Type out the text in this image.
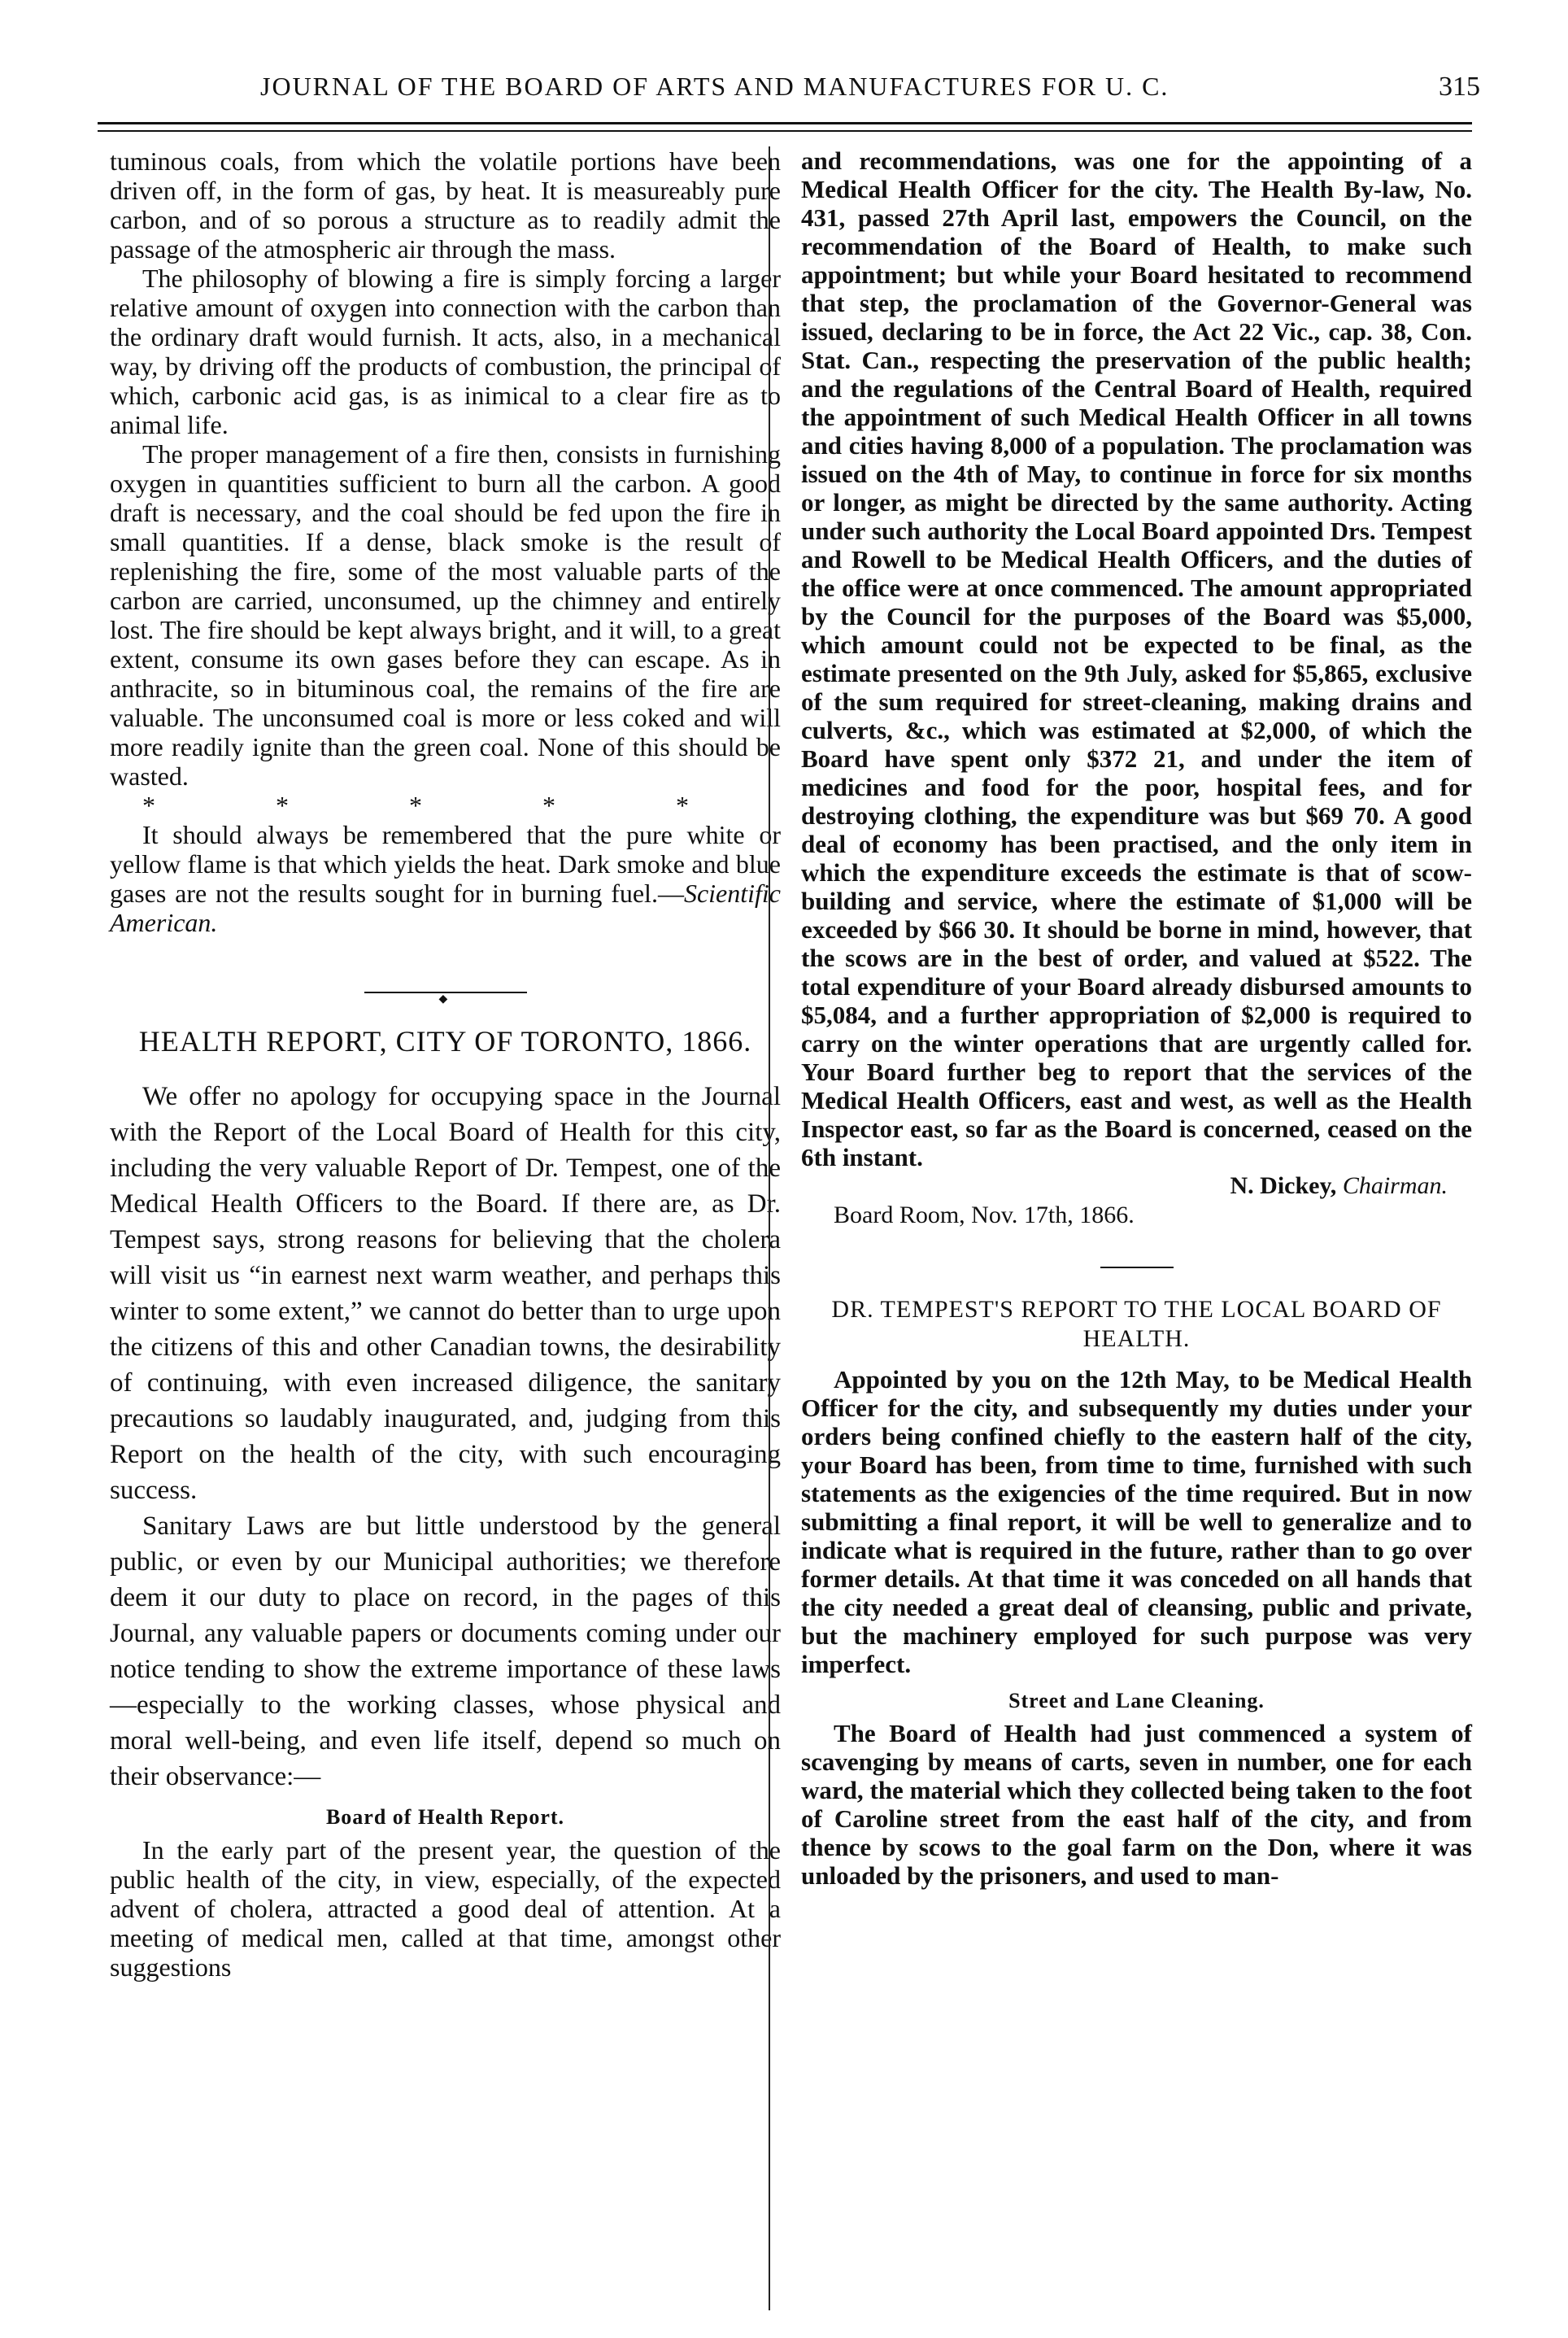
JOURNAL OF THE BOARD OF ARTS AND MANUFACTURES FOR U. C.	315

tuminous coals, from which the volatile portions have been driven off, in the form of gas, by heat. It is measureably pure carbon, and of so porous a structure as to readily admit the passage of the atmospheric air through the mass.

The philosophy of blowing a fire is simply forcing a larger relative amount of oxygen into connection with the carbon than the ordinary draft would furnish. It acts, also, in a mechanical way, by driving off the products of combustion, the principal of which, carbonic acid gas, is as inimical to a clear fire as to animal life.

The proper management of a fire then, consists in furnishing oxygen in quantities sufficient to burn all the carbon. A good draft is necessary, and the coal should be fed upon the fire in small quantities. If a dense, black smoke is the result of replenishing the fire, some of the most valuable parts of the carbon are carried, unconsumed, up the chimney and entirely lost. The fire should be kept always bright, and it will, to a great extent, consume its own gases before they can escape. As in anthracite, so in bituminous coal, the remains of the fire are valuable. The unconsumed coal is more or less coked and will more readily ignite than the green coal. None of this should be wasted.

* * * * *

It should always be remembered that the pure white or yellow flame is that which yields the heat. Dark smoke and blue gases are not the results sought for in burning fuel.—Scientific American.

◆
HEALTH REPORT, CITY OF TORONTO, 1866.

We offer no apology for occupying space in the Journal with the Report of the Local Board of Health for this city, including the very valuable Report of Dr. Tempest, one of the Medical Health Officers to the Board. If there are, as Dr. Tempest says, strong reasons for believing that the cholera will visit us “in earnest next warm weather, and perhaps this winter to some extent,” we cannot do better than to urge upon the citizens of this and other Canadian towns, the desirability of continuing, with even increased diligence, the sanitary precautions so laudably inaugurated, and, judging from this Report on the health of the city, with such encouraging success.

Sanitary Laws are but little understood by the general public, or even by our Municipal authorities; we therefore deem it our duty to place on record, in the pages of this Journal, any valuable papers or documents coming under our notice tending to show the extreme importance of these laws—especially to the working classes, whose physical and moral well-being, and even life itself, depend so much on their observance:—

Board of Health Report.

In the early part of the present year, the question of the public health of the city, in view, especially, of the expected advent of cholera, attracted a good deal of attention. At a meeting of medical men, called at that time, amongst other suggestions

and recommendations, was one for the appointing of a Medical Health Officer for the city. The Health By-law, No. 431, passed 27th April last, empowers the Council, on the recommendation of the Board of Health, to make such appointment; but while your Board hesitated to recommend that step, the proclamation of the Governor-General was issued, declaring to be in force, the Act 22 Vic., cap. 38, Con. Stat. Can., respecting the preservation of the public health; and the regulations of the Central Board of Health, required the appointment of such Medical Health Officer in all towns and cities having 8,000 of a population. The proclamation was issued on the 4th of May, to continue in force for six months or longer, as might be directed by the same authority. Acting under such authority the Local Board appointed Drs. Tempest and Rowell to be Medical Health Officers, and the duties of the office were at once commenced. The amount appropriated by the Council for the purposes of the Board was $5,000, which amount could not be expected to be final, as the estimate presented on the 9th July, asked for $5,865, exclusive of the sum required for street-cleaning, making drains and culverts, &c., which was estimated at $2,000, of which the Board have spent only $372 21, and under the item of medicines and food for the poor, hospital fees, and for destroying clothing, the expenditure was but $69 70. A good deal of economy has been practised, and the only item in which the expenditure exceeds the estimate is that of scow-building and service, where the estimate of $1,000 will be exceeded by $66 30. It should be borne in mind, however, that the scows are in the best of order, and valued at $522. The total expenditure of your Board already disbursed amounts to $5,084, and a further appropriation of $2,000 is required to carry on the winter operations that are urgently called for. Your Board further beg to report that the services of the Medical Health Officers, east and west, as well as the Health Inspector east, so far as the Board is concerned, ceased on the 6th instant.

N. Dickey, Chairman.
Board Room, Nov. 17th, 1866.
DR. TEMPEST'S REPORT TO THE LOCAL BOARD OF HEALTH.

Appointed by you on the 12th May, to be Medical Health Officer for the city, and subsequently my duties under your orders being confined chiefly to the eastern half of the city, your Board has been, from time to time, furnished with such statements as the exigencies of the time required. But in now submitting a final report, it will be well to generalize and to indicate what is required in the future, rather than to go over former details. At that time it was conceded on all hands that the city needed a great deal of cleansing, public and private, but the machinery employed for such purpose was very imperfect.

Street and Lane Cleaning.

The Board of Health had just commenced a system of scavenging by means of carts, seven in number, one for each ward, the material which they collected being taken to the foot of Caroline street from the east half of the city, and from thence by scows to the goal farm on the Don, where it was unloaded by the prisoners, and used to man-
